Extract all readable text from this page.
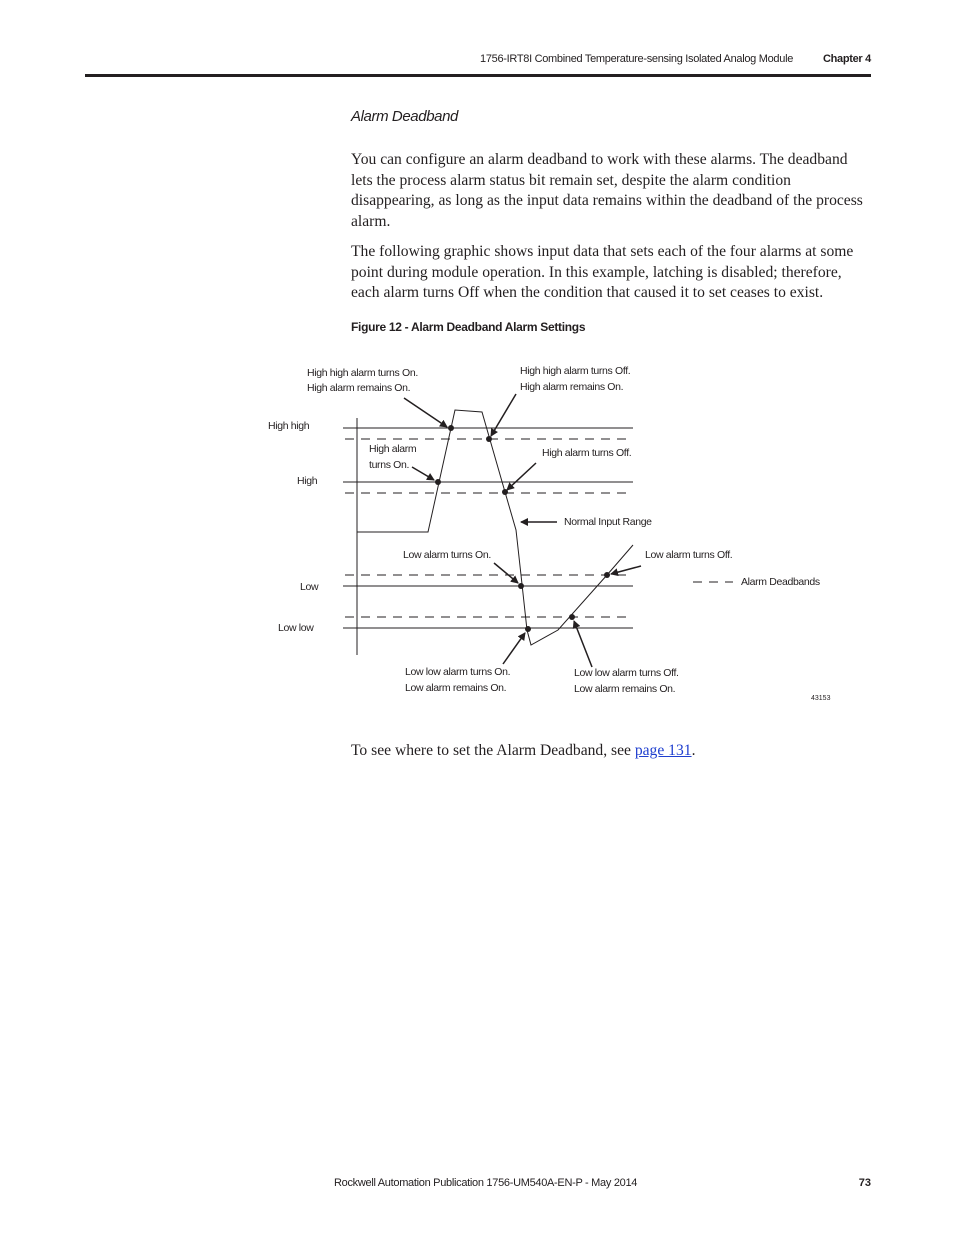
1756-IRT8I Combined Temperature-sensing Isolated Analog Module	Chapter 4
Alarm Deadband

You can configure an alarm deadband to work with these alarms. The deadband lets the process alarm status bit remain set, despite the alarm condition disappearing, as long as the input data remains within the deadband of the process alarm.

The following graphic shows input data that sets each of the four alarms at some point during module operation. In this example, latching is disabled; therefore, each alarm turns Off when the condition that caused it to set ceases to exist.

Figure 12 - Alarm Deadband Alarm Settings
High high
High
Low
Low low
High high alarm turns On.
High alarm remains On.
High high alarm turns Off.
High alarm remains On.
High alarm
turns On.
High alarm turns Off.
Normal Input Range
Low alarm turns On.	Low alarm turns Off.
Low low alarm turns On.
Low alarm remains On.
Low low alarm turns Off.
Low alarm remains On.
Alarm Deadbands
43153
To see where to set the Alarm Deadband, see page 131.
Rockwell Automation Publication 1756-UM540A-EN-P - May 2014	73
